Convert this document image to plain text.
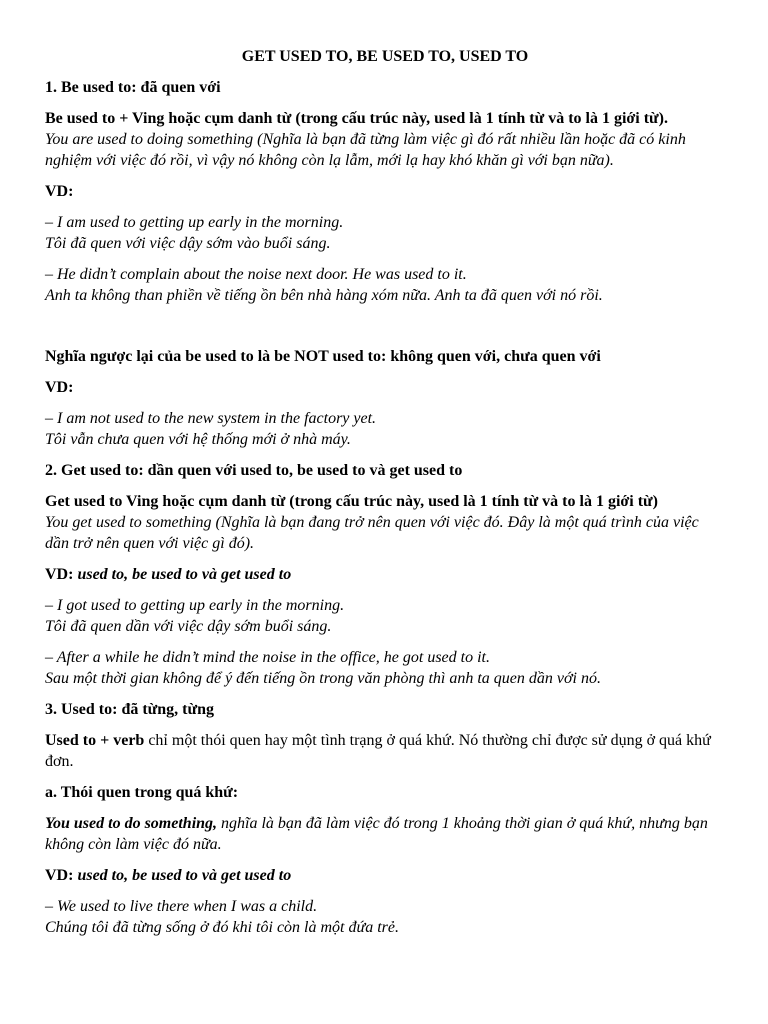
GET USED TO, BE USED TO, USED TO
1. Be used to: đã quen với
Be used to + Ving hoặc cụm danh từ (trong cấu trúc này, used là 1 tính từ và to là 1 giới từ).
You are used to doing something (Nghĩa là bạn đã từng làm việc gì đó rất nhiều lần hoặc đã có kinh nghiệm với việc đó rồi, vì vậy nó không còn lạ lẫm, mới lạ hay khó khăn gì với bạn nữa).
VD:
– I am used to getting up early in the morning.
Tôi đã quen với việc dậy sớm vào buổi sáng.
– He didn’t complain about the noise next door. He was used to it.
Anh ta không than phiền về tiếng ồn bên nhà hàng xóm nữa. Anh ta đã quen với nó rồi.
Nghĩa ngược lại của be used to là be NOT used to: không quen với, chưa quen với
VD:
– I am not used to the new system in the factory yet.
Tôi vẫn chưa quen với hệ thống mới ở nhà máy.
2. Get used to: dần quen với used to, be used to và get used to
Get used to Ving hoặc cụm danh từ (trong cấu trúc này, used là 1 tính từ và to là 1 giới từ)
You get used to something (Nghĩa là bạn đang trở nên quen với việc đó. Đây là một quá trình của việc dần trở nên quen với việc gì đó).
VD: used to, be used to và get used to
– I got used to getting up early in the morning.
Tôi đã quen dần với việc dậy sớm buổi sáng.
– After a while he didn’t mind the noise in the office, he got used to it.
Sau một thời gian không để ý đến tiếng ồn trong văn phòng thì anh ta quen dần với nó.
3. Used to: đã từng, từng
Used to + verb chỉ một thói quen hay một tình trạng ở quá khứ. Nó thường chỉ được sử dụng ở quá khứ đơn.
a. Thói quen trong quá khứ:
You used to do something, nghĩa là bạn đã làm việc đó trong 1 khoảng thời gian ở quá khứ, nhưng bạn không còn làm việc đó nữa.
VD: used to, be used to và get used to
– We used to live there when I was a child.
Chúng tôi đã từng sống ở đó khi tôi còn là một đứa trẻ.
